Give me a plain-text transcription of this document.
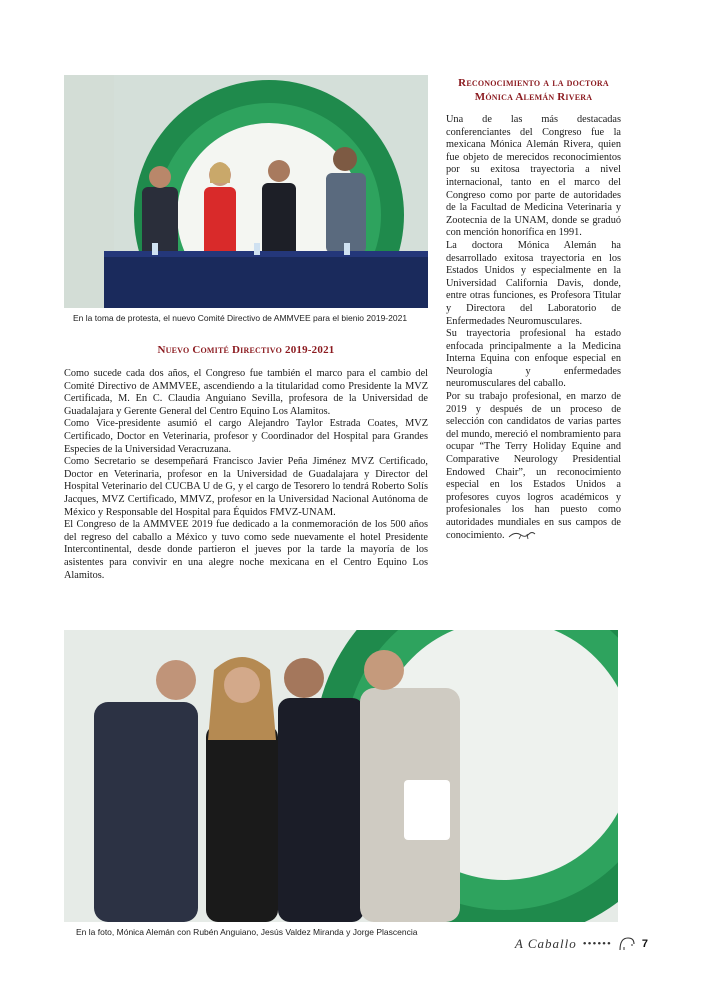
En la toma de protesta, el nuevo Comité Directivo de AMMVEE para el bienio 2019-2021
Nuevo Comité Directivo 2019-2021

Como sucede cada dos años, el Congreso fue también el marco para el cambio del Comité Directivo de AMMVEE, ascendiendo a la titularidad como Presidente la MVZ Certificada, M. En C. Claudia Anguiano Sevilla, profesora de la Universidad de Guadalajara y Gerente General del Centro Equino Los Alamitos.

Como Vice-presidente asumió el cargo Alejandro Taylor Estrada Coates, MVZ Certificado, Doctor en Veterinaria, profesor y Coordinador del Hospital para Grandes Especies de la Universidad Veracruzana.

Como Secretario se desempeñará Francisco Javier Peña Jiménez MVZ Certificado, Doctor en Veterinaria, profesor en la Universidad de Guadalajara y Director del Hospital Veterinario del CUCBA U de G, y el cargo de Tesorero lo tendrá Roberto Solís Jacques, MVZ Certificado, MMVZ, profesor en la Universidad Nacional Autónoma de México y Responsable del Hospital para Équidos FMVZ-UNAM.

El Congreso de la AMMVEE 2019 fue dedicado a la conmemoración de los 500 años del regreso del caballo a México y tuvo como sede nuevamente el hotel Presidente Intercontinental, desde donde partieron el jueves por la tarde la mayoría de los asistentes para convivir en una alegre noche mexicana en el Centro Equino Los Alamitos.

Reconocimiento a la doctora
Mónica Alemán Rivera

Una de las más destacadas conferenciantes del Congreso fue la mexicana Mónica Alemán Rivera, quien fue objeto de merecidos reconocimientos por su exitosa trayectoria a nivel internacional, tanto en el marco del Congreso como por parte de autoridades de la Facultad de Medicina Veterinaria y Zootecnia de la UNAM, donde se graduó con mención honorífica en 1991.

La doctora Mónica Alemán ha desarrollado exitosa trayectoria en los Estados Unidos y especialmente en la Universidad California Davis, donde, entre otras funciones, es Profesora Titular y Directora del Laboratorio de Enfermedades Neuromusculares.

Su trayectoria profesional ha estado enfocada principalmente a la Medicina Interna Equina con enfoque especial en Neurología y enfermedades neuromusculares del caballo.

Por su trabajo profesional, en marzo de 2019 y después de un proceso de selección con candidatos de varias partes del mundo, mereció el nombramiento para ocupar “The Terry Holiday Equine and Comparative Neurology Presidential Endowed Chair”, un reconocimiento especial en los Estados Unidos a profesores cuyos logros académicos y profesionales los han puesto como autoridades mundiales en sus campos de conocimiento.

En la foto, Mónica Alemán con Rubén Anguiano, Jesús Valdez Miranda y Jorge Plascencia
A Caballo ••••••	7
